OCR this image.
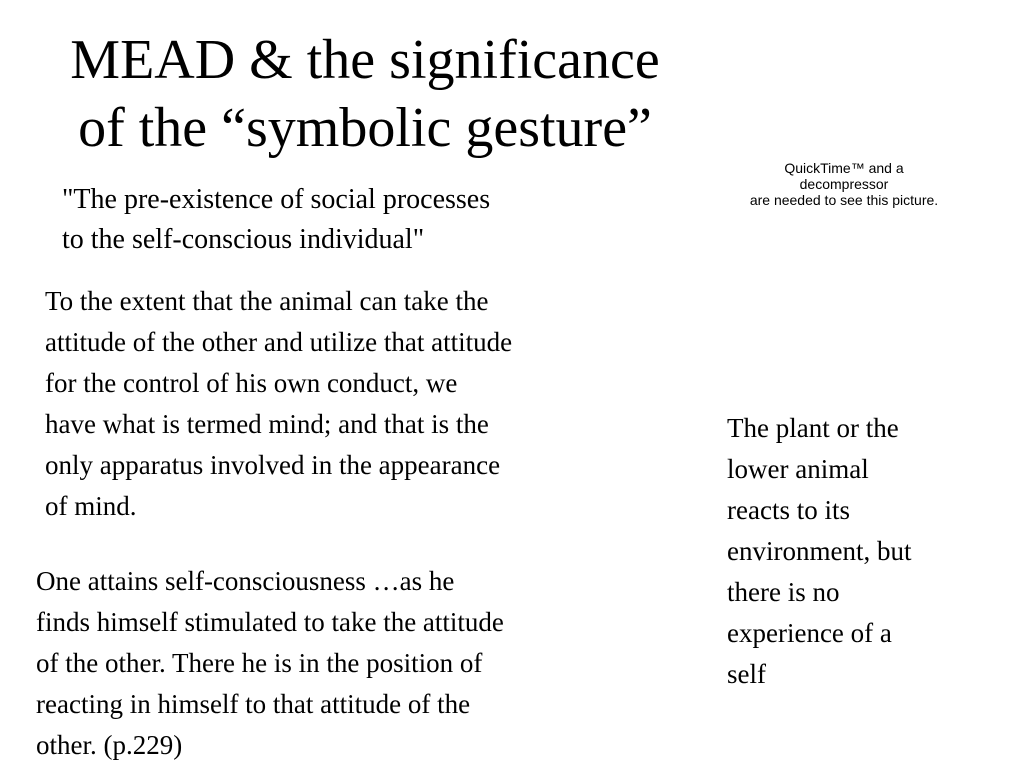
MEAD & the significance
of the “symbolic gesture”

"The pre-existence of social processes
to the self-conscious individual"

QuickTime™ and a
decompressor
are needed to see this picture.

To the extent that the animal can take the
attitude of the other and utilize that attitude
for the control of his own conduct, we
have what is termed mind; and that is the
only apparatus involved in the appearance
of mind.

One attains self-consciousness …as he
finds himself stimulated to take the attitude
of the other. There he is in the position of
reacting in himself to that attitude of the
other. (p.229)

The plant or the
lower animal
reacts to its
environment, but
there is no
experience of a
self
